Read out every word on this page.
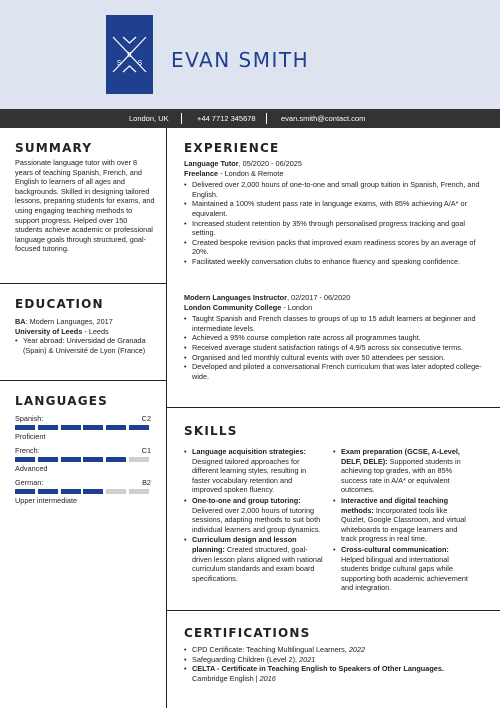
E
S S EVAN SMITH
London, UK	+44 7712 345678	evan.smith@contact.com
SUMMARY
Passionate language tutor with over 8 years of teaching Spanish, French, and English to learners of all ages and backgrounds. Skilled in designing tailored lessons, preparing students for exams, and using engaging teaching methods to support progress. Helped over 150 students achieve academic or professional language goals through structured, goal-focused tutoring.
EDUCATION
BA: Modern Languages, 2017
University of Leeds - Leeds
• Year abroad: Universidad de Granada (Spain) & Université de Lyon (France)
LANGUAGES
Spanish:	C2
Proficient
French:	C1
Advanced
German:	B2
Upper intermediate
EXPERIENCE
Language Tutor, 05/2020 - 06/2025
Freelance - London & Remote
• Delivered over 2,000 hours of one-to-one and small group tuition in Spanish, French, and English.
• Maintained a 100% student pass rate in language exams, with 85% achieving A/A* or equivalent.
• Increased student retention by 35% through personalised progress tracking and goal setting.
• Created bespoke revision packs that improved exam readiness scores by an average of 20%.
• Facilitated weekly conversation clubs to enhance fluency and speaking confidence.
Modern Languages Instructor, 02/2017 - 06/2020
London Community College - London
• Taught Spanish and French classes to groups of up to 15 adult learners at beginner and intermediate levels.
• Achieved a 95% course completion rate across all programmes taught.
• Received average student satisfaction ratings of 4.9/5 across six consecutive terms.
• Organised and led monthly cultural events with over 50 attendees per session.
• Developed and piloted a conversational French curriculum that was later adopted college-wide.
SKILLS
• Language acquisition strategies: Designed tailored approaches for different learning styles, resulting in faster vocabulary retention and improved spoken fluency.
• One-to-one and group tutoring: Delivered over 2,000 hours of tutoring sessions, adapting methods to suit both individual learners and group dynamics.
• Curriculum design and lesson planning: Created structured, goal-driven lesson plans aligned with national curriculum standards and exam board specifications.
• Exam preparation (GCSE, A-Level, DELF, DELE): Supported students in achieving top grades, with an 85% success rate in A/A* or equivalent outcomes.
• Interactive and digital teaching methods: Incorporated tools like Quizlet, Google Classroom, and virtual whiteboards to engage learners and track progress in real time.
• Cross-cultural communication: Helped bilingual and international students bridge cultural gaps while supporting both academic achievement and integration.
CERTIFICATIONS
• CPD Certificate: Teaching Multilingual Learners, 2022
• Safeguarding Children (Level 2), 2021
• CELTA - Certificate in Teaching English to Speakers of Other Languages.
Cambridge English | 2016
